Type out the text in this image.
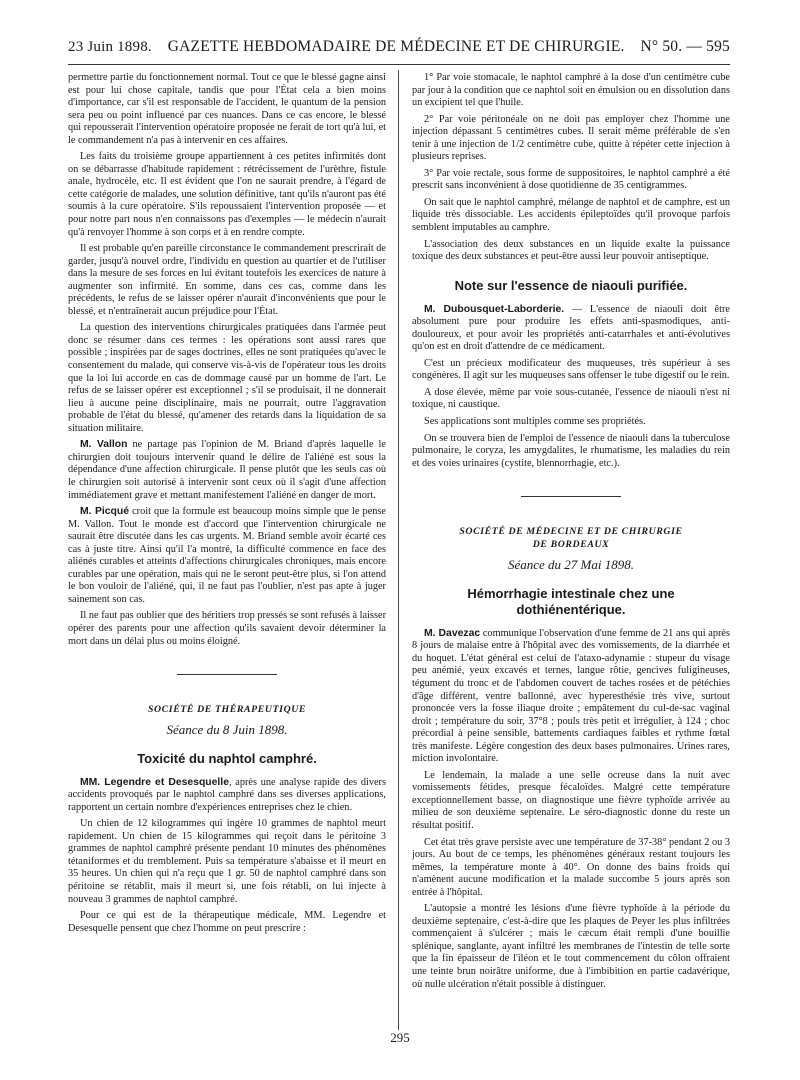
23 Juin 1898. GAZETTE HEBDOMADAIRE DE MÉDECINE ET DE CHIRURGIE. N° 50. — 595

permettre partie du fonctionnement normal. Tout ce que le blessé gagne ainsi est pour lui chose capitale, tandis que pour l'État cela a bien moins d'importance, car s'il est responsable de l'accident, le quantum de la pension sera peu ou point influencé par ces nuances. Dans ce cas encore, le blessé qui repousserait l'intervention opératoire proposée ne ferait de tort qu'à lui, et le commandement n'a pas à intervenir en ces affaires.

Les faits du troisième groupe appartiennent à ces petites infirmités dont on se débarrasse d'habitude rapidement : rétrécissement de l'urèthre, fistule anale, hydrocèle, etc. Il est évident que l'on ne saurait prendre, à l'égard de cette catégorie de malades, une solution définitive, tant qu'ils n'auront pas été soumis à la cure opératoire. S'ils repoussaient l'intervention proposée — et pour notre part nous n'en connaissons pas d'exemples — le médecin n'aurait qu'à renvoyer l'homme à son corps et à en rendre compte.

Il est probable qu'en pareille circonstance le commandement prescrirait de garder, jusqu'à nouvel ordre, l'individu en question au quartier et de l'utiliser dans la mesure de ses forces en lui évitant toutefois les exercices de nature à augmenter son infirmité. En somme, dans ces cas, comme dans les précédents, le refus de se laisser opérer n'aurait d'inconvénients que pour le blessé, et n'entraînerait aucun préjudice pour l'État.

La question des interventions chirurgicales pratiquées dans l'armée peut donc se résumer dans ces termes : les opérations sont aussi rares que possible ; inspirées par de sages doctrines, elles ne sont pratiquées qu'avec le consentement du malade, qui conserve vis-à-vis de l'opérateur tous les droits que la loi lui accorde en cas de dommage causé par un homme de l'art. Le refus de se laisser opérer est exceptionnel ; s'il se produisait, il ne donnerait lieu à aucune peine disciplinaire, mais ne pourrait, outre l'aggravation probable de l'état du blessé, qu'amener des retards dans la liquidation de sa situation militaire.

M. Vallon ne partage pas l'opinion de M. Briand d'après laquelle le chirurgien doit toujours intervenir quand le délire de l'aliéné est sous la dépendance d'une affection chirurgicale. Il pense plutôt que les seuls cas où le chirurgien soit autorisé à intervenir sont ceux où il s'agit d'une affection immédiatement grave et mettant manifestement l'aliéné en danger de mort.

M. Picqué croit que la formule est beaucoup moins simple que le pense M. Vallon. Tout le monde est d'accord que l'intervention chirurgicale ne saurait être discutée dans les cas urgents. M. Briand semble avoir écarté ces cas à juste titre. Ainsi qu'il l'a montré, la difficulté commence en face des aliénés curables et atteints d'affections chirurgicales chroniques, mais encore curables par une opération, mais qui ne le seront peut-être plus, si l'on attend le bon vouloir de l'aliéné, qui, il ne faut pas l'oublier, n'est pas apte à juger sainement son cas.

Il ne faut pas oublier que des héritiers trop pressés se sont refusés à laisser opérer des parents pour une affection qu'ils savaient devoir déterminer la mort dans un délai plus ou moins éloigné.

SOCIÉTÉ DE THÉRAPEUTIQUE
Séance du 8 Juin 1898.
Toxicité du naphtol camphré.

MM. Legendre et Desesquelle, après une analyse rapide des divers accidents provoqués par le naphtol camphré dans ses diverses applications, rapportent un certain nombre d'expériences entreprises chez le chien.

Un chien de 12 kilogrammes qui ingère 10 grammes de naphtol meurt rapidement. Un chien de 15 kilogrammes qui reçoit dans le péritoine 3 grammes de naphtol camphré présente pendant 10 minutes des phénomènes tétaniformes et du tremblement. Puis sa température s'abaisse et il meurt en 35 heures. Un chien qui n'a reçu que 1 gr. 50 de naphtol camphré dans son péritoine se rétablit, mais il meurt si, une fois rétabli, on lui injecte à nouveau 3 grammes de naphtol camphré.

Pour ce qui est de la thérapeutique médicale, MM. Legendre et Desesquelle pensent que chez l'homme on peut prescrire :

1° Par voie stomacale, le naphtol camphré à la dose d'un centimètre cube par jour à la condition que ce naphtol soit en émulsion ou en dissolution dans un excipient tel que l'huile.

2° Par voie péritonéale on ne doit pas employer chez l'homme une injection dépassant 5 centimètres cubes. Il serait même préférable de s'en tenir à une injection de 1/2 centimètre cube, quitte à répéter cette injection à plusieurs reprises.

3° Par voie rectale, sous forme de suppositoires, le naphtol camphré a été prescrit sans inconvénient à dose quotidienne de 35 centigrammes.

On sait que le naphtol camphré, mélange de naphtol et de camphre, est un liquide très dissociable. Les accidents épileptoïdes qu'il provoque parfois semblent imputables au camphre.

L'association des deux substances en un liquide exalte la puissance toxique des deux substances et peut-être aussi leur pouvoir antiseptique.

Note sur l'essence de niaouli purifiée.

M. Dubousquet-Laborderie. — L'essence de niaouli doit être absolument pure pour produire les effets anti-spasmodiques, anti-douloureux, et pour avoir les propriétés anti-catarrhales et anti-évolutives qu'on est en droit d'attendre de ce médicament.

C'est un précieux modificateur des muqueuses, très supérieur à ses congénères. Il agit sur les muqueuses sans offenser le tube digestif ou le rein.

A dose élevée, même par voie sous-cutanée, l'essence de niaouli n'est ni toxique, ni caustique.

Ses applications sont multiples comme ses propriétés.

On se trouvera bien de l'emploi de l'essence de niaouli dans la tuberculose pulmonaire, le coryza, les amygdalites, le rhumatisme, les maladies du rein et des voies urinaires (cystite, blennorrhagie, etc.).

SOCIÉTÉ DE MÉDECINE ET DE CHIRURGIE
DE BORDEAUX
Séance du 27 Mai 1898.
Hémorrhagie intestinale chez une dothiénentérique.

M. Davezac communique l'observation d'une femme de 21 ans qui après 8 jours de malaise entre à l'hôpital avec des vomissements, de la diarrhée et du hoquet. L'état général est celui de l'ataxo-adynamie : stupeur du visage peu anémié, yeux excavés et ternes, langue rôtie, gencives fuligineuses, tégument du tronc et de l'abdomen couvert de taches rosées et de pétéchies d'âge différent, ventre ballonné, avec hyperesthésie très vive, surtout prononcée vers la fosse iliaque droite ; empâtement du cul-de-sac vaginal droit ; température du soir, 37°8 ; pouls très petit et irrégulier, à 124 ; choc précordial à peine sensible, battements cardiaques faibles et rythme fœtal très manifeste. Légère congestion des deux bases pulmonaires. Urines rares, miction involontaire.

Le lendemain, la malade a une selle ocreuse dans la nuit avec vomissements fétides, presque fécaloïdes. Malgré cette température exceptionnellement basse, on diagnostique une fièvre typhoïde arrivée au milieu de son deuxième septenaire. Le séro-diagnostic donne du reste un résultat positif.

Cet état très grave persiste avec une température de 37-38° pendant 2 ou 3 jours. Au bout de ce temps, les phénomènes généraux restant toujours les mêmes, la température monte à 40°. On donne des bains froids qui n'amènent aucune modification et la malade succombe 5 jours après son entrée à l'hôpital.

L'autopsie a montré les lésions d'une fièvre typhoïde à la période du deuxième septenaire, c'est-à-dire que les plaques de Peyer les plus infiltrées commençaient à s'ulcérer ; mais le cæcum était rempli d'une bouillie splénique, sanglante, ayant infiltré les membranes de l'intestin de telle sorte que la fin épaisseur de l'iléon et le tout commencement du côlon offraient une teinte brun noirâtre uniforme, due à l'imbibition en partie cadavérique, où nulle ulcération n'était possible à distinguer.

295
